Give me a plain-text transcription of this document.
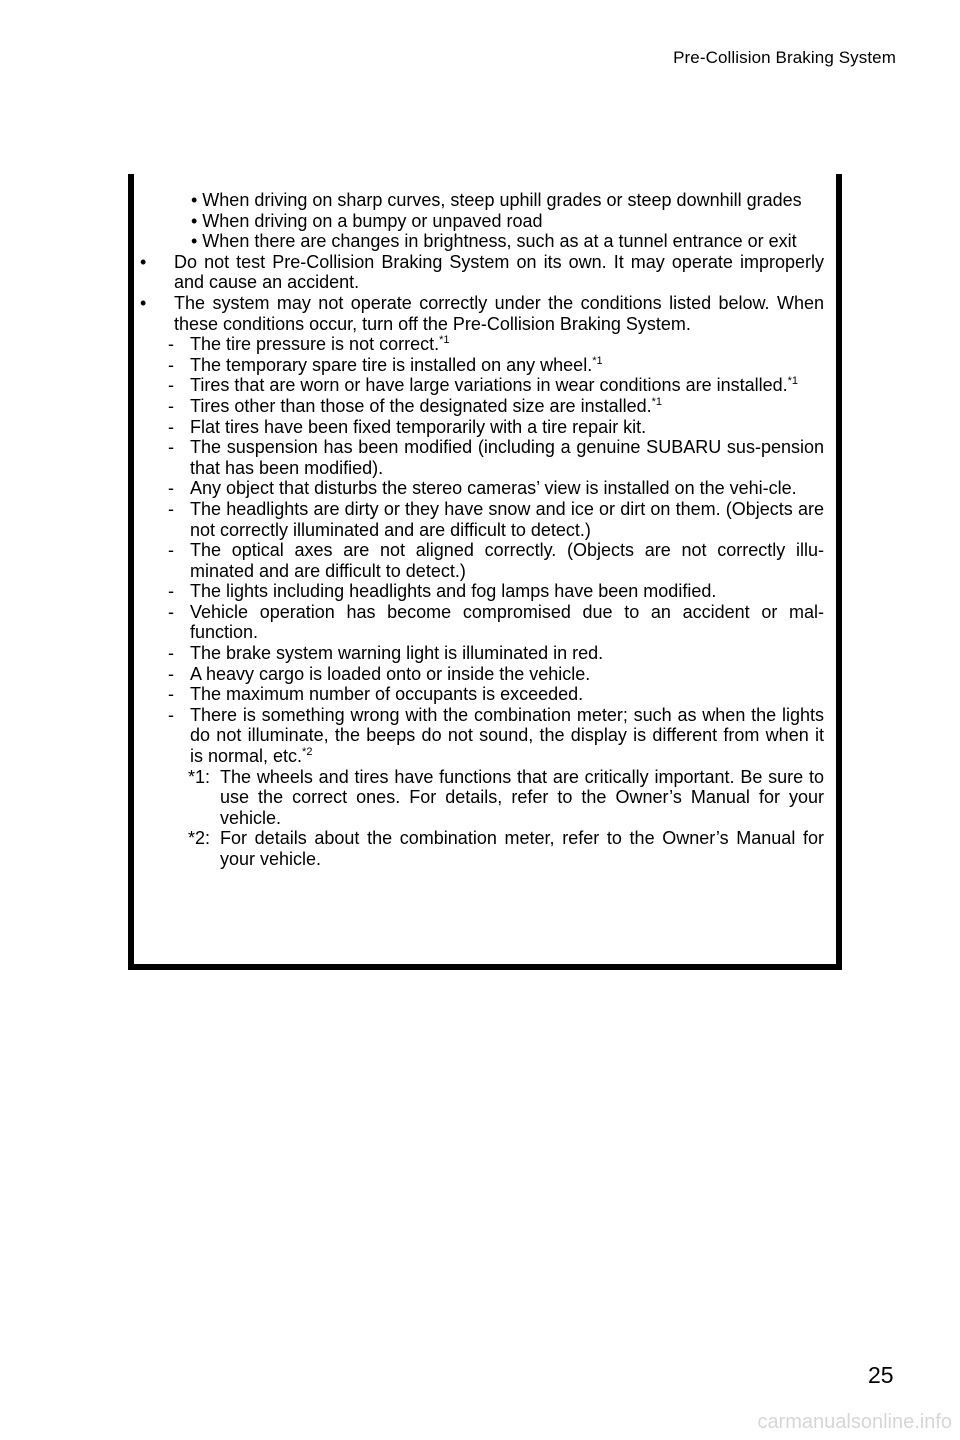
Pre-Collision Braking System
• When driving on sharp curves, steep uphill grades or steep downhill grades
• When driving on a bumpy or unpaved road
• When there are changes in brightness, such as at a tunnel entrance or exit
• Do not test Pre-Collision Braking System on its own. It may operate improperly and cause an accident.
• The system may not operate correctly under the conditions listed below. When these conditions occur, turn off the Pre-Collision Braking System.
- The tire pressure is not correct.$^{*1}$
- The temporary spare tire is installed on any wheel.$^{*1}$
- Tires that are worn or have large variations in wear conditions are installed.$^{*1}$
- Tires other than those of the designated size are installed.$^{*1}$
- Flat tires have been fixed temporarily with a tire repair kit.
- The suspension has been modified (including a genuine SUBARU sus-pension that has been modified).
- Any object that disturbs the stereo cameras’ view is installed on the vehi-cle.
- The headlights are dirty or they have snow and ice or dirt on them. (Objects are not correctly illuminated and are difficult to detect.)
- The optical axes are not aligned correctly. (Objects are not correctly illu-minated and are difficult to detect.)
- The lights including headlights and fog lamps have been modified.
- Vehicle operation has become compromised due to an accident or mal-function.
- The brake system warning light is illuminated in red.
- A heavy cargo is loaded onto or inside the vehicle.
- The maximum number of occupants is exceeded.
- There is something wrong with the combination meter; such as when the lights do not illuminate, the beeps do not sound, the display is different from when it is normal, etc.$^{*2}$
*1: The wheels and tires have functions that are critically important. Be sure to use the correct ones. For details, refer to the Owner’s Manual for your vehicle.
*2: For details about the combination meter, refer to the Owner’s Manual for your vehicle.
25
carmanualsonline.info
